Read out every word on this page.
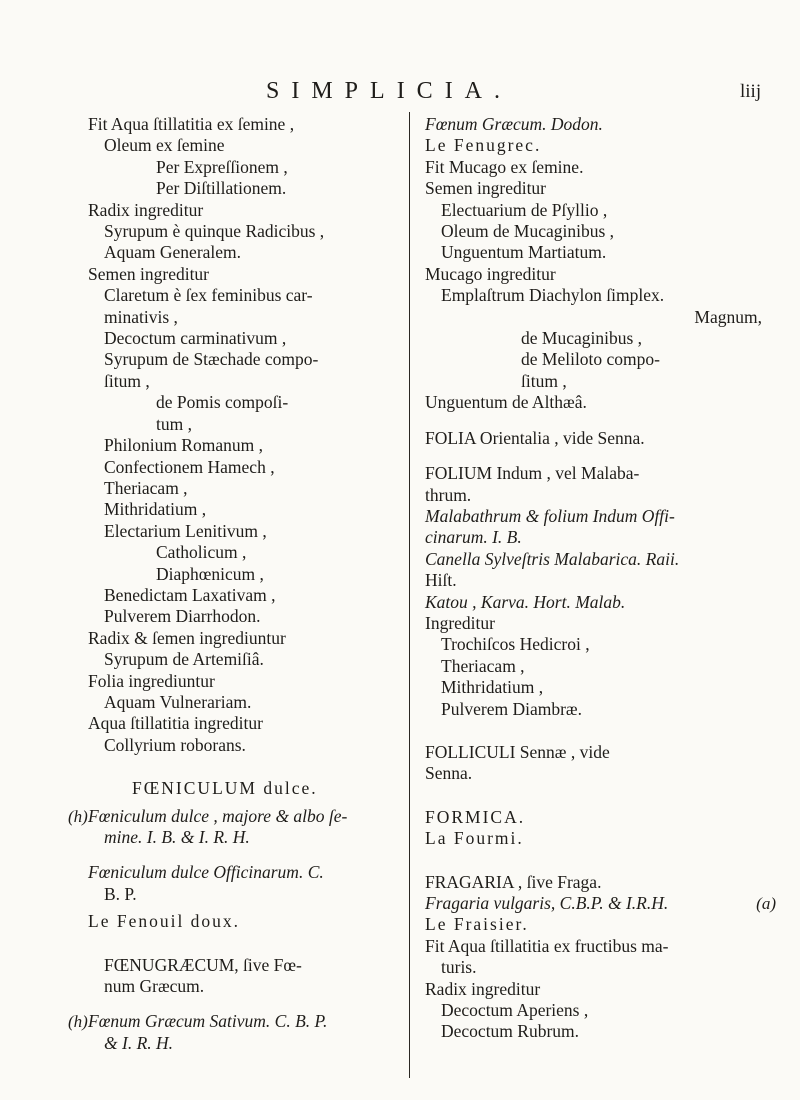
SIMPLICIA.	liij
Fit Aqua ſtillatitia ex ſemine ,
Oleum ex ſemine
Per Expreſſionem ,
Per Diſtillationem.
Radix ingreditur
Syrupum è quinque Radicibus ,
Aquam Generalem.
Semen ingreditur
Claretum è ſex feminibus car-
minativis ,
Decoctum carminativum ,
Syrupum de Stæchade compo-
ſitum ,
de Pomis compoſi-
tum ,
Philonium Romanum ,
Confectionem Hamech ,
Theriacam ,
Mithridatium ,
Electarium Lenitivum ,
Catholicum ,
Diaphœnicum ,
Benedictam Laxativam ,
Pulverem Diarrhodon.
Radix & ſemen ingrediuntur
Syrupum de Artemiſiâ.
Folia ingrediuntur
Aquam Vulnerariam.
Aqua ſtillatitia ingreditur
Collyrium roborans.
FŒNICULUM dulce.
Fœniculum dulce , majore & albo ſe-
(h)
mine. I. B. & I. R. H.
Fœniculum dulce Officinarum. C.
B. P.
Le Fenouil doux.
FŒNUGRÆCUM, ſive Fœ-
num Græcum.
Fœnum Græcum Sativum. C. B. P.
(h)
& I. R. H.
Fœnum Græcum. Dodon.
Le Fenugrec.
Fit Mucago ex ſemine.
Semen ingreditur
Electuarium de Pſyllio ,
Oleum de Mucaginibus ,
Unguentum Martiatum.
Mucago ingreditur
Emplaſtrum Diachylon ſimplex.
Magnum,
de Mucaginibus ,
de Meliloto compo-
ſitum ,
Unguentum de Althæâ.
FOLIA Orientalia , vide Senna.
FOLIUM Indum , vel Malaba-
thrum.
Malabathrum & folium Indum Offi-
cinarum. I. B.
Canella Sylveſtris Malabarica. Raii.
Hiſt.
Katou , Karva. Hort. Malab.
Ingreditur
Trochiſcos Hedicroi ,
Theriacam ,
Mithridatium ,
Pulverem Diambræ.
FOLLICULI Sennæ , vide
Senna.
FORMICA.
La Fourmi.
FRAGARIA , ſive Fraga.
Fragaria vulgaris, C.B.P. & I.R.H.	(a)
Le Fraisier.
Fit Aqua ſtillatitia ex fructibus ma-
turis.
Radix ingreditur
Decoctum Aperiens ,
Decoctum Rubrum.
